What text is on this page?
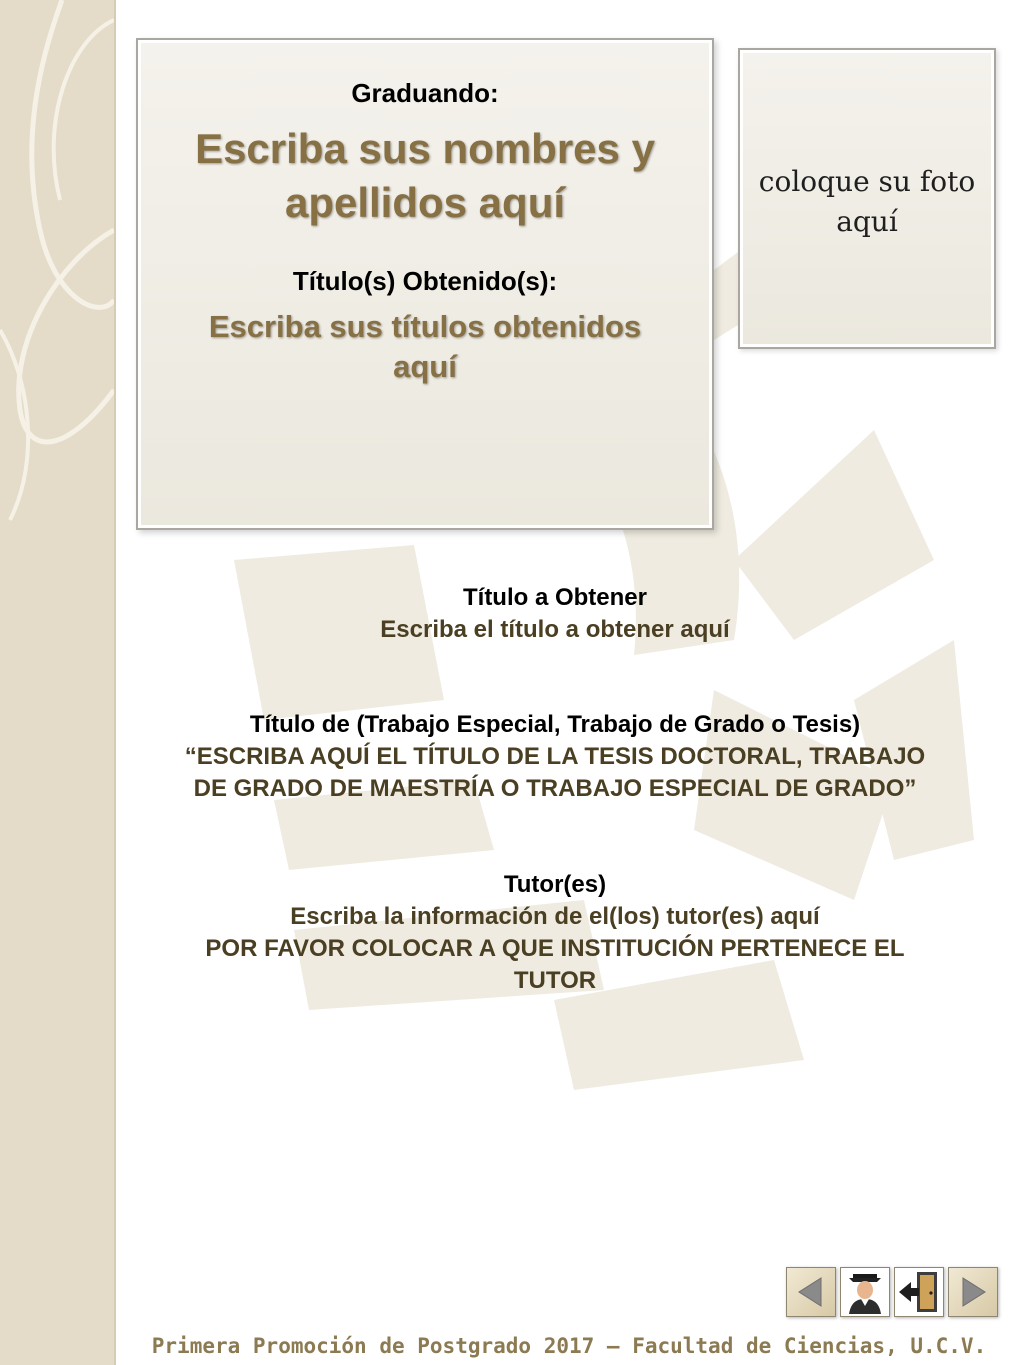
Graduando:
Escriba sus nombres y
apellidos aquí
Título(s) Obtenido(s):
Escriba sus títulos obtenidos
aquí
coloque su foto
aquí
Título a Obtener
Escriba el título a obtener aquí
Título de (Trabajo Especial, Trabajo de Grado o Tesis)
“ESCRIBA AQUÍ EL TÍTULO DE LA TESIS DOCTORAL, TRABAJO
DE GRADO DE MAESTRÍA O TRABAJO ESPECIAL DE GRADO”
Tutor(es)
Escriba la información de el(los) tutor(es) aquí
POR FAVOR COLOCAR A QUE INSTITUCIÓN PERTENECE EL
TUTOR
Primera Promoción de Postgrado 2017 – Facultad de Ciencias, U.C.V.
